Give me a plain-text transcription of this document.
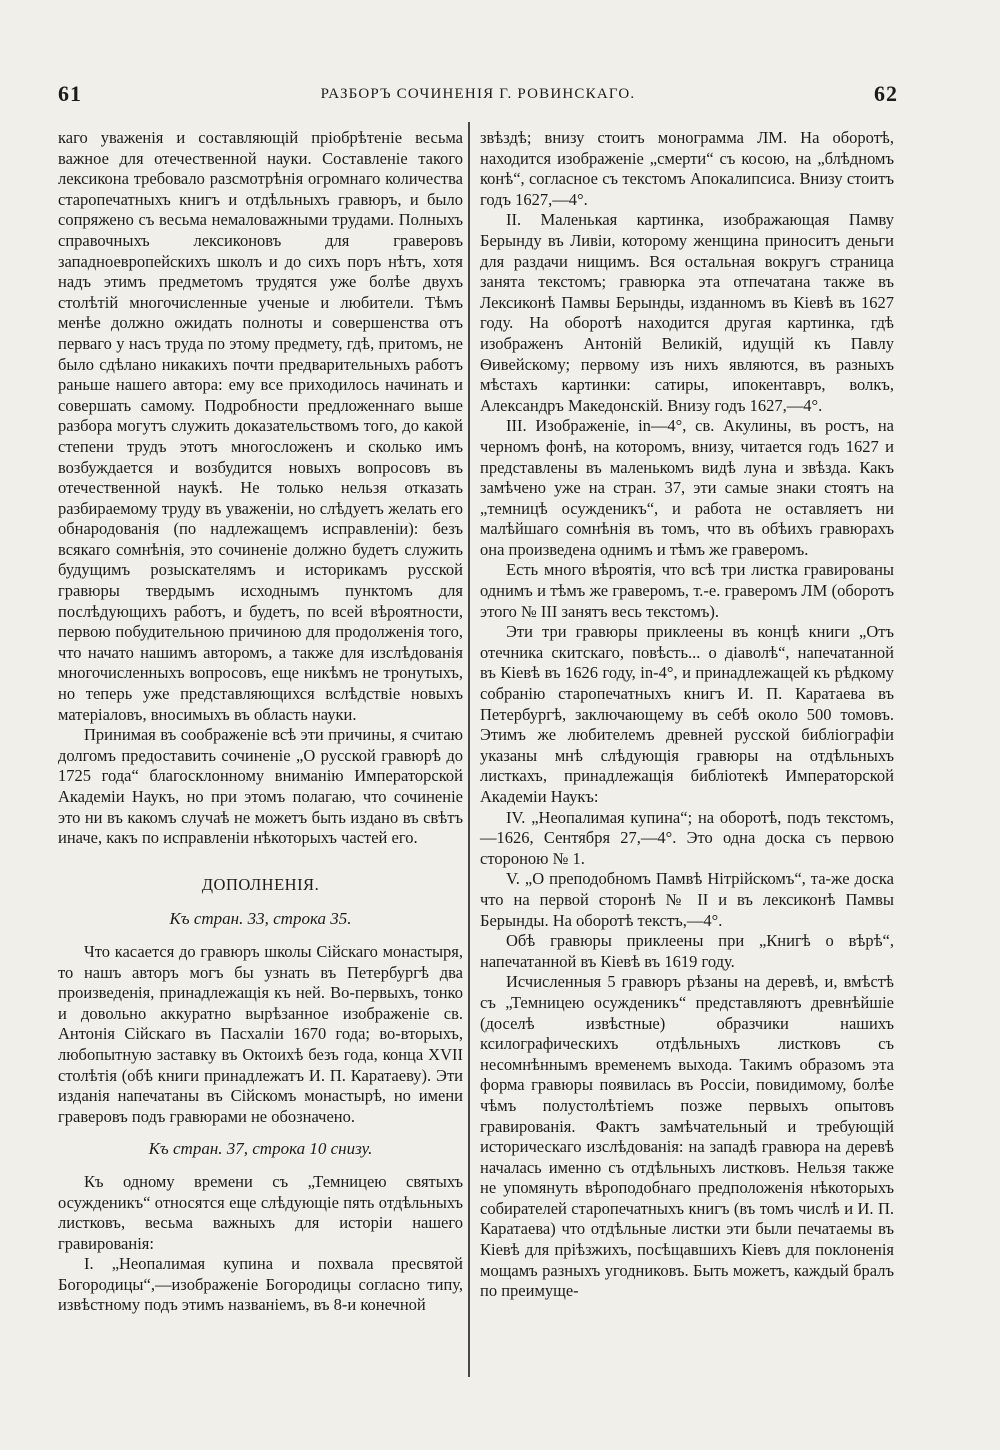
61	РАЗБОРЪ СОЧИНЕНІЯ Г. РОВИНСКАГО.	62

каго уваженія и составляющій пріобрѣтеніе весьма важное для отечественной науки. Составленіе такого лексикона требовало разсмотрѣнія огромнаго количества старопечатныхъ книгъ и отдѣльныхъ гравюръ, и было сопряжено съ весьма немаловажными трудами. Полныхъ справочныхъ лексиконовъ для граверовъ западноевропейскихъ школъ и до сихъ поръ нѣтъ, хотя надъ этимъ предметомъ трудятся уже болѣе двухъ столѣтій многочисленные ученые и любители. Тѣмъ менѣе должно ожидать полноты и совершенства отъ перваго у насъ труда по этому предмету, гдѣ, притомъ, не было сдѣлано никакихъ почти предварительныхъ работъ раньше нашего автора: ему все приходилось начинать и совершать самому. Подробности предложеннаго выше разбора могутъ служить доказательствомъ того, до какой степени трудъ этотъ многосложенъ и сколько имъ возбуждается и возбудится новыхъ вопросовъ въ отечественной наукѣ. Не только нельзя отказать разбираемому труду въ уваженіи, но слѣдуетъ желать его обнародованія (по надлежащемъ исправленіи): безъ всякаго сомнѣнія, это сочиненіе должно будетъ служить будущимъ розыскателямъ и историкамъ русской гравюры твердымъ исходнымъ пунктомъ для послѣдующихъ работъ, и будетъ, по всей вѣроятности, первою побудительною причиною для продолженія того, что начато нашимъ авторомъ, а также для изслѣдованія многочисленныхъ вопросовъ, еще никѣмъ не тронутыхъ, но теперь уже представляющихся вслѣдствіе новыхъ матеріаловъ, вносимыхъ въ область науки.

Принимая въ соображеніе всѣ эти причины, я считаю долгомъ предоставить сочиненіе „О русской гравюрѣ до 1725 года“ благосклонному вниманію Императорской Академіи Наукъ, но при этомъ полагаю, что сочиненіе это ни въ какомъ случаѣ не можетъ быть издано въ свѣтъ иначе, какъ по исправленіи нѣкоторыхъ частей его.

ДОПОЛНЕНІЯ.
Къ стран. 33, строка 35.

Что касается до гравюръ школы Сійскаго монастыря, то нашъ авторъ могъ бы узнать въ Петербургѣ два произведенія, принадлежащія къ ней. Во-первыхъ, тонко и довольно аккуратно вырѣзанное изображеніе св. Антонія Сійскаго въ Пасхаліи 1670 года; во-вторыхъ, любопытную заставку въ Октоихѣ безъ года, конца XVII столѣтія (обѣ книги принадлежатъ И. П. Каратаеву). Эти изданія напечатаны въ Сійскомъ монастырѣ, но имени граверовъ подъ гравюрами не обозначено.

Къ стран. 37, строка 10 снизу.

Къ одному времени съ „Темницею святыхъ осужденикъ“ относятся еще слѣдующіе пять отдѣльныхъ листковъ, весьма важныхъ для исторіи нашего гравированія:

I. „Неопалимая купина и похвала пресвятой Богородицы“,—изображеніе Богородицы согласно типу, извѣстному подъ этимъ названіемъ, въ 8-и конечной

звѣздѣ; внизу стоитъ монограмма ЛМ. На оборотѣ, находится изображеніе „смерти“ съ косою, на „блѣдномъ конѣ“, согласное съ текстомъ Апокалипсиса. Внизу стоитъ годъ 1627,—4°.

II. Маленькая картинка, изображающая Памву Берынду въ Ливіи, которому женщина приноситъ деньги для раздачи нищимъ. Вся остальная вокругъ страница занята текстомъ; гравюрка эта отпечатана также въ Лексиконѣ Памвы Берынды, изданномъ въ Кіевѣ въ 1627 году. На оборотѣ находится другая картинка, гдѣ изображенъ Антоній Великій, идущій къ Павлу Ѳивейскому; первому изъ нихъ являются, въ разныхъ мѣстахъ картинки: сатиры, ипокентавръ, волкъ, Александръ Македонскій. Внизу годъ 1627,—4°.

III. Изображеніе, in—4°, св. Акулины, въ ростъ, на черномъ фонѣ, на которомъ, внизу, читается годъ 1627 и представлены въ маленькомъ видѣ луна и звѣзда. Какъ замѣчено уже на стран. 37, эти самые знаки стоятъ на „темницѣ осужденикъ“, и работа не оставляетъ ни малѣйшаго сомнѣнія въ томъ, что въ обѣихъ гравюрахъ она произведена однимъ и тѣмъ же граверомъ.

Есть много вѣроятія, что всѣ три листка гравированы однимъ и тѣмъ же граверомъ, т.-е. граверомъ ЛМ (оборотъ этого № III занятъ весь текстомъ).

Эти три гравюры приклеены въ концѣ книги „Отъ отечника скитскаго, повѣсть... о діаволѣ“, напечатанной въ Кіевѣ въ 1626 году, in-4°, и принадлежащей къ рѣдкому собранію старопечатныхъ книгъ И. П. Каратаева въ Петербургѣ, заключающему въ себѣ около 500 томовъ. Этимъ же любителемъ древней русской библіографіи указаны мнѣ слѣдующія гравюры на отдѣльныхъ листкахъ, принадлежащія библіотекѣ Императорской Академіи Наукъ:

IV. „Неопалимая купина“; на оборотѣ, подъ текстомъ,—1626, Сентября 27,—4°. Это одна доска съ первою стороною № 1.

V. „О преподобномъ Памвѣ Нітрійскомъ“, та-же доска что на первой сторонѣ № II и въ лексиконѣ Памвы Берынды. На оборотѣ текстъ,—4°.

Обѣ гравюры приклеены при „Книгѣ о вѣрѣ“, напечатанной въ Кіевѣ въ 1619 году.

Исчисленныя 5 гравюръ рѣзаны на деревѣ, и, вмѣстѣ съ „Темницею осужденикъ“ представляютъ древнѣйшіе (доселѣ извѣстные) образчики нашихъ ксилографическихъ отдѣльныхъ листковъ съ несомнѣннымъ временемъ выхода. Такимъ образомъ эта форма гравюры появилась въ Россіи, повидимому, болѣе чѣмъ полустолѣтіемъ позже первыхъ опытовъ гравированія. Фактъ замѣчательный и требующій историческаго изслѣдованія: на западѣ гравюра на деревѣ началась именно съ отдѣльныхъ листковъ. Нельзя также не упомянуть вѣроподобнаго предположенія нѣкоторыхъ собирателей старопечатныхъ книгъ (въ томъ числѣ и И. П. Каратаева) что отдѣльные листки эти были печатаемы въ Кіевѣ для пріѣзжихъ, посѣщавшихъ Кіевъ для поклоненія мощамъ разныхъ угодниковъ. Быть можетъ, каждый бралъ по преимуще-
